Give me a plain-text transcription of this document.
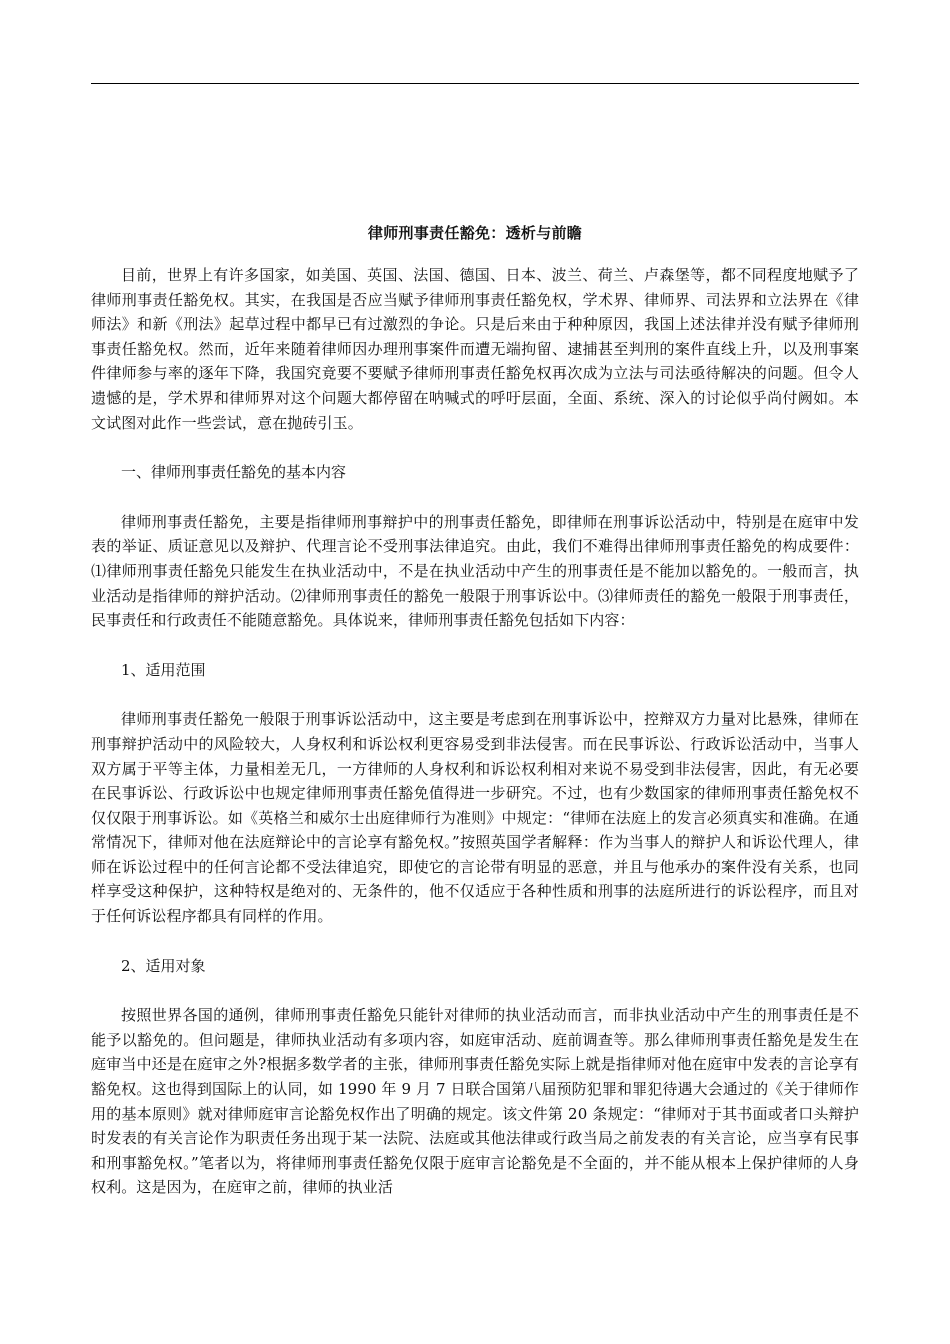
律师刑事责任豁免：透析与前瞻

目前，世界上有许多国家，如美国、英国、法国、德国、日本、波兰、荷兰、卢森堡等，都不同程度地赋予了律师刑事责任豁免权。其实，在我国是否应当赋予律师刑事责任豁免权，学术界、律师界、司法界和立法界在《律师法》和新《刑法》起草过程中都早已有过激烈的争论。只是后来由于种种原因，我国上述法律并没有赋予律师刑事责任豁免权。然而，近年来随着律师因办理刑事案件而遭无端拘留、逮捕甚至判刑的案件直线上升，以及刑事案件律师参与率的逐年下降，我国究竟要不要赋予律师刑事责任豁免权再次成为立法与司法亟待解决的问题。但令人遗憾的是，学术界和律师界对这个问题大都停留在呐喊式的呼吁层面，全面、系统、深入的讨论似乎尚付阙如。本文试图对此作一些尝试，意在抛砖引玉。

一、律师刑事责任豁免的基本内容

律师刑事责任豁免，主要是指律师刑事辩护中的刑事责任豁免，即律师在刑事诉讼活动中，特别是在庭审中发表的举证、质证意见以及辩护、代理言论不受刑事法律追究。由此，我们不难得出律师刑事责任豁免的构成要件：⑴律师刑事责任豁免只能发生在执业活动中，不是在执业活动中产生的刑事责任是不能加以豁免的。一般而言，执业活动是指律师的辩护活动。⑵律师刑事责任的豁免一般限于刑事诉讼中。⑶律师责任的豁免一般限于刑事责任，民事责任和行政责任不能随意豁免。具体说来，律师刑事责任豁免包括如下内容：

1、适用范围

律师刑事责任豁免一般限于刑事诉讼活动中，这主要是考虑到在刑事诉讼中，控辩双方力量对比悬殊，律师在刑事辩护活动中的风险较大，人身权利和诉讼权利更容易受到非法侵害。而在民事诉讼、行政诉讼活动中，当事人双方属于平等主体，力量相差无几，一方律师的人身权利和诉讼权利相对来说不易受到非法侵害，因此，有无必要在民事诉讼、行政诉讼中也规定律师刑事责任豁免值得进一步研究。不过，也有少数国家的律师刑事责任豁免权不仅仅限于刑事诉讼。如《英格兰和威尔士出庭律师行为准则》中规定：“律师在法庭上的发言必须真实和准确。在通常情况下，律师对他在法庭辩论中的言论享有豁免权。”按照英国学者解释：作为当事人的辩护人和诉讼代理人，律师在诉讼过程中的任何言论都不受法律追究，即使它的言论带有明显的恶意，并且与他承办的案件没有关系，也同样享受这种保护，这种特权是绝对的、无条件的，他不仅适应于各种性质和刑事的法庭所进行的诉讼程序，而且对于任何诉讼程序都具有同样的作用。

2、适用对象

按照世界各国的通例，律师刑事责任豁免只能针对律师的执业活动而言，而非执业活动中产生的刑事责任是不能予以豁免的。但问题是，律师执业活动有多项内容，如庭审活动、庭前调查等。那么律师刑事责任豁免是发生在庭审当中还是在庭审之外?根据多数学者的主张，律师刑事责任豁免实际上就是指律师对他在庭审中发表的言论享有豁免权。这也得到国际上的认同，如 1990 年 9 月 7 日联合国第八届预防犯罪和罪犯待遇大会通过的《关于律师作用的基本原则》就对律师庭审言论豁免权作出了明确的规定。该文件第 20 条规定：“律师对于其书面或者口头辩护时发表的有关言论作为职责任务出现于某一法院、法庭或其他法律或行政当局之前发表的有关言论，应当享有民事和刑事豁免权。”笔者以为，将律师刑事责任豁免仅限于庭审言论豁免是不全面的，并不能从根本上保护律师的人身权利。这是因为，在庭审之前，律师的执业活
